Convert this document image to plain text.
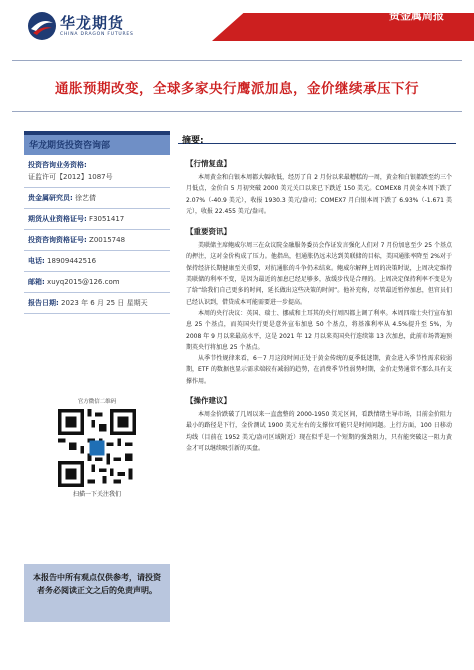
华龙期货
CHINA DRAGON FUTURES
贵金属周报
通胀预期改变，全球多家央行鹰派加息，金价继续承压下行
华龙期货投资咨询部
投资咨询业务资格:
证监许可【2012】1087号
贵金属研究员: 徐艺倩
期货从业资格证号: F3051417
投资咨询资格证号: Z0015748
电话: 18909442516
邮箱: xuyq2015@126.com
报告日期: 2023 年 6 月 25 日 星期天
官方微信二维码
扫描一下关注我们
本报告中所有观点仅供参考，请投资者务必阅读正文之后的免责声明。
摘要:
【行情复盘】

本周黄金和白银本周都大幅收低，经历了自 2 月份以来最糟糕的一周，黄金和白银都跌至约三个月低点，金价自 5 月初突破 2000 美元关口以来已下跌近 150 美元。COMEX8 月黄金本周下跌了 2.07%（-40.9 美元），收报 1930.3 美元/盎司；COMEX7 月白银本周下跌了 6.93%（-1.671 美元），收报 22.455 美元/盎司。

【重要资讯】

美联储主席鲍威尔周三在众议院金融服务委员会作证发言强化人们对 7 月份加息至少 25 个基点的押注，这对金价构成了压力。他指出，但通胀仍远未达到美联储的目标，美国通胀率降至 2%对于保持经济长期健康至关重要，对抗通胀的斗争仍未结束。鲍威尔解释上周的决策时说，上周决定维持美联储的利率不变，是因为最近的加息已经足够多，放缓步伐是合理的。上周决定保持利率不变是为了给“给我们自己更多的时间，延长做出这些决策的时间”。他补充称，尽管最近暂停加息，但官员们已经认识到，借贷成本可能需要进一步提高。

本周的央行决议：英国、瑞士、挪威和土耳其的央行周四都上调了利率。本周四瑞士央行宣布加息 25 个基点，而英国央行更是意外宣布加息 50 个基点，将基准利率从 4.5%提升至 5%，为 2008 年 9 月以来最高水平，这是 2021 年 12 月以来英国央行连续第 13 次加息，此前市场普遍预期英央行将加息 25 个基点。

从季节性规律来看，6－7 月这段时间正处于黄金传统的夏季低迷期，黄金进入季节性需求较弱期，ETF 的数据也显示需求端较有减弱的趋势，在消费季节性弱势时期，金价走势通常不那么具有支撑作用。

【操作建议】

本周金价跌破了几周以来一直盘整的 2000-1950 美元区间，看跌情绪主导市场，目前金价阻力最小的路径是下行，金价测试 1900 美元左右的支撑位可能只是时间问题。上行方面，100 日移动均线（目前在 1952 美元/盎司区域附近）现在似乎是一个短期的强劲阻力，只有能突破这一阻力黄金才可以继续吸引新的买盘。
